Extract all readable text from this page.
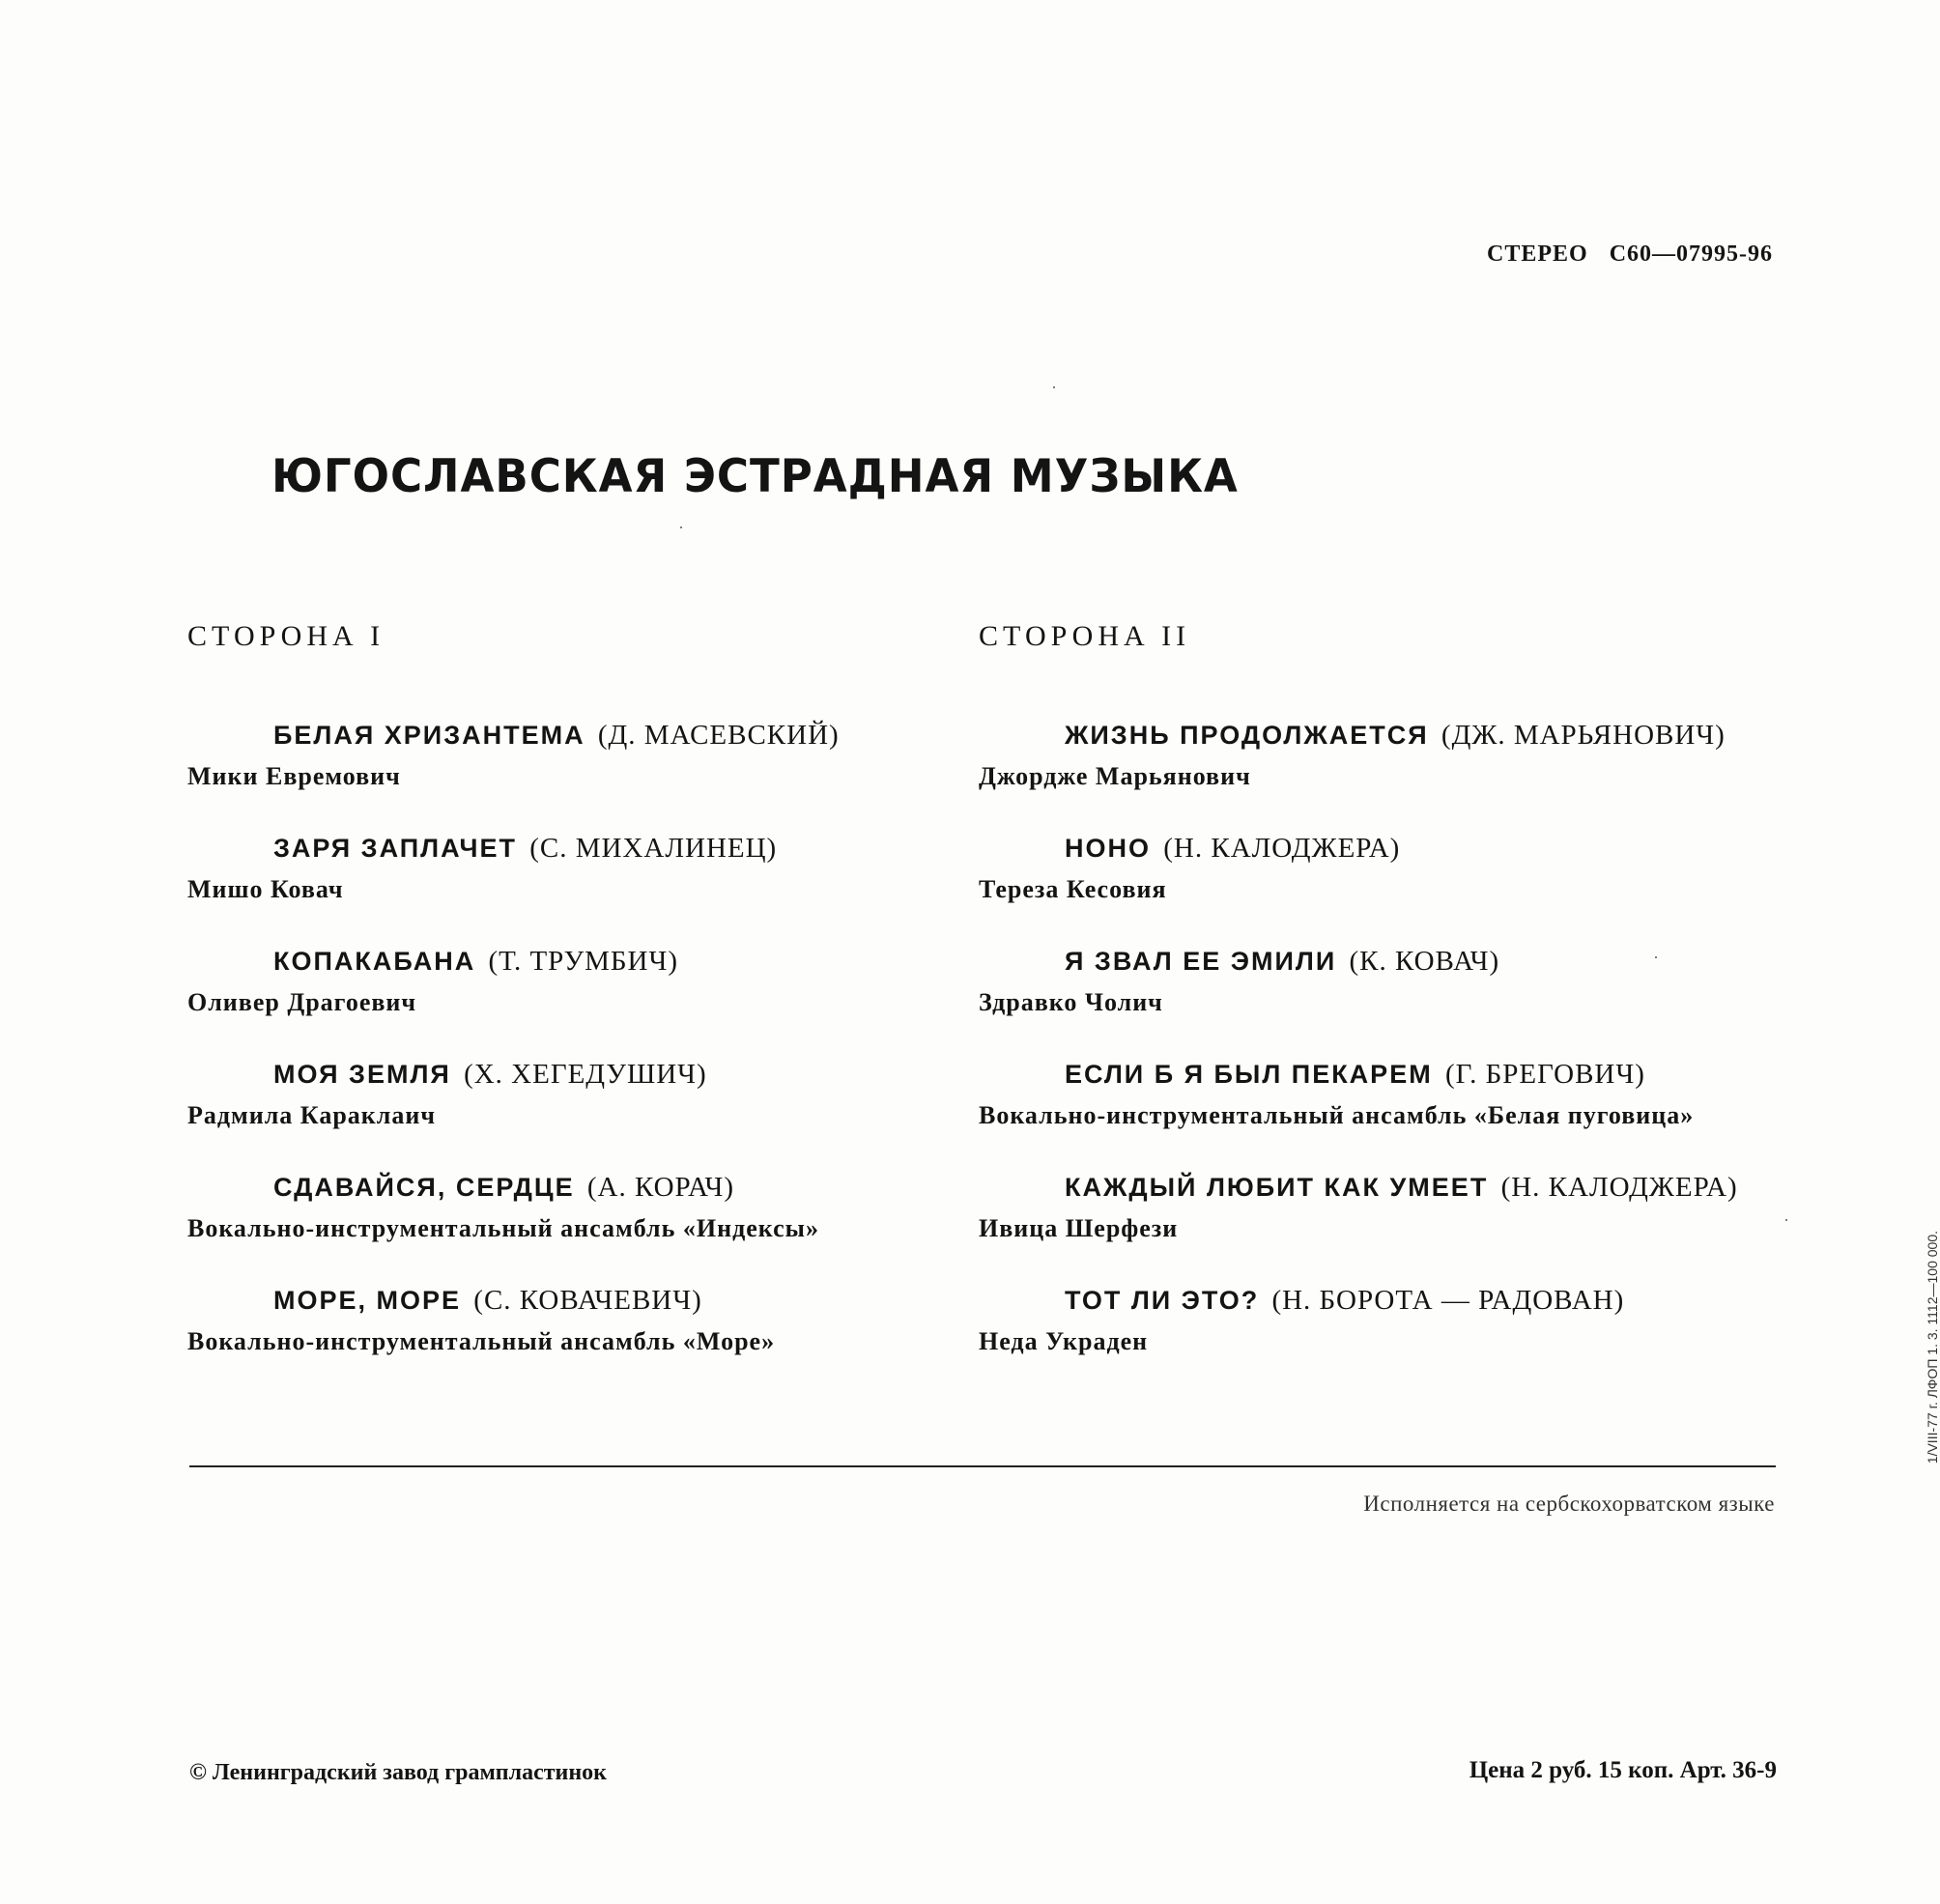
СТЕРЕО С60—07995-96
ЮГОСЛАВСКАЯ ЭСТРАДНАЯ МУЗЫКА
СТОРОНА I
БЕЛАЯ ХРИЗАНТЕМА (Д. МАСЕВСКИЙ)
Мики Евремович
ЗАРЯ ЗАПЛАЧЕТ (С. МИХАЛИНЕЦ)
Мишо Ковач
КОПАКАБАНА (Т. ТРУМБИЧ)
Оливер Драгоевич
МОЯ ЗЕМЛЯ (Х. ХЕГЕДУШИЧ)
Радмила Караклаич
СДАВАЙСЯ, СЕРДЦЕ (А. КОРАЧ)
Вокально-инструментальный ансамбль «Индексы»
МОРЕ, МОРЕ (С. КОВАЧЕВИЧ)
Вокально-инструментальный ансамбль «Море»
СТОРОНА II
ЖИЗНЬ ПРОДОЛЖАЕТСЯ (ДЖ. МАРЬЯНОВИЧ)
Джордже Марьянович
НОНО (Н. КАЛОДЖЕРА)
Тереза Кесовия
Я ЗВАЛ ЕЕ ЭМИЛИ (К. КОВАЧ)
Здравко Чолич
ЕСЛИ Б Я БЫЛ ПЕКАРЕМ (Г. БРЕГОВИЧ)
Вокально-инструментальный ансамбль «Белая пуговица»
КАЖДЫЙ ЛЮБИТ КАК УМЕЕТ (Н. КАЛОДЖЕРА)
Ивица Шерфези
ТОТ ЛИ ЭТО? (Н. БОРОТА — РАДОВАН)
Неда Украден
Исполняется на сербскохорватском языке
© Ленинградский завод грампластинок	Цена 2 руб. 15 коп. Арт. 36-9
1/VIII-77 г. ЛФОП 1. 3. 1112—100 000.
